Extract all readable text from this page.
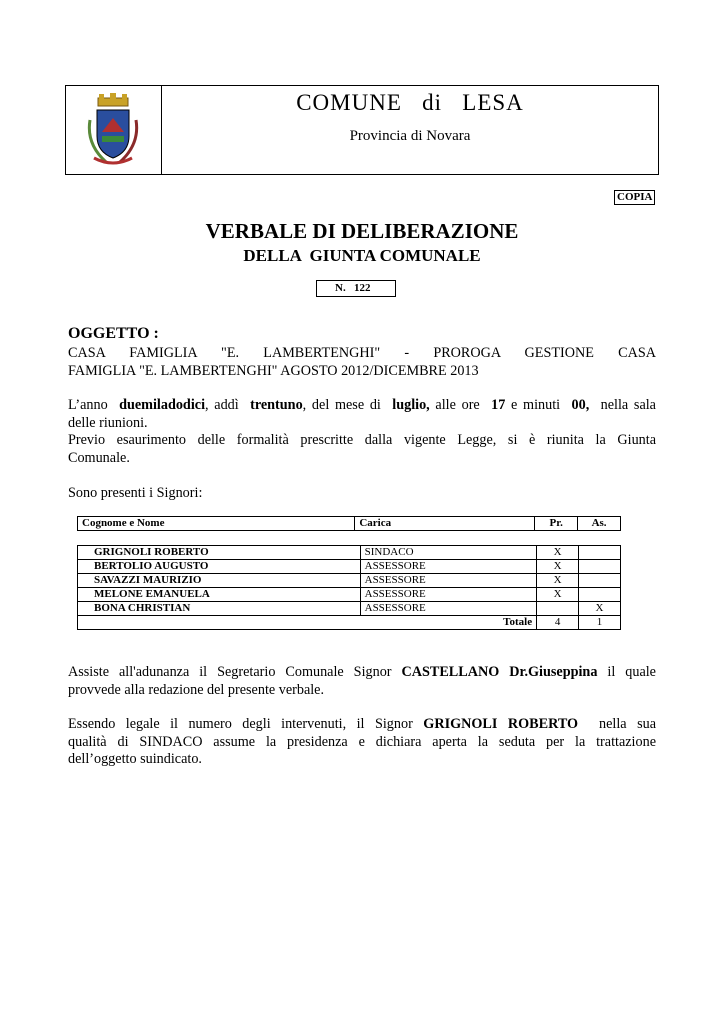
COMUNE   di   LESA
Provincia di Novara
COPIA
VERBALE DI DELIBERAZIONE
DELLA  GIUNTA COMUNALE
N.   122
OGGETTO :
CASA   FAMIGLIA   "E.   LAMBERTENGHI"   -   PROROGA   GESTIONE   CASA
FAMIGLIA "E. LAMBERTENGHI" AGOSTO 2012/DICEMBRE 2013
L’anno  duemiladodici, addì  trentuno, del mese di  luglio, alle ore  17 e minuti  00,  nella sala
delle riunioni.
Previo esaurimento delle formalità prescritte dalla vigente Legge, si è riunita la Giunta
Comunale.
Sono presenti i Signori:
Cognome e Nome	Carica	Pr.	As.
GRIGNOLI ROBERTO	SINDACO	X	
BERTOLIO AUGUSTO	ASSESSORE	X	
SAVAZZI MAURIZIO	ASSESSORE	X	
MELONE EMANUELA	ASSESSORE	X	
BONA CHRISTIAN	ASSESSORE		X
Totale		4	1
Assiste all'adunanza il Segretario Comunale Signor CASTELLANO Dr.Giuseppina il quale
provvede alla redazione del presente verbale.
Essendo legale il numero degli intervenuti, il Signor GRIGNOLI ROBERTO  nella sua
qualità di SINDACO assume la presidenza e dichiara aperta la seduta per la trattazione
dell’oggetto suindicato.
